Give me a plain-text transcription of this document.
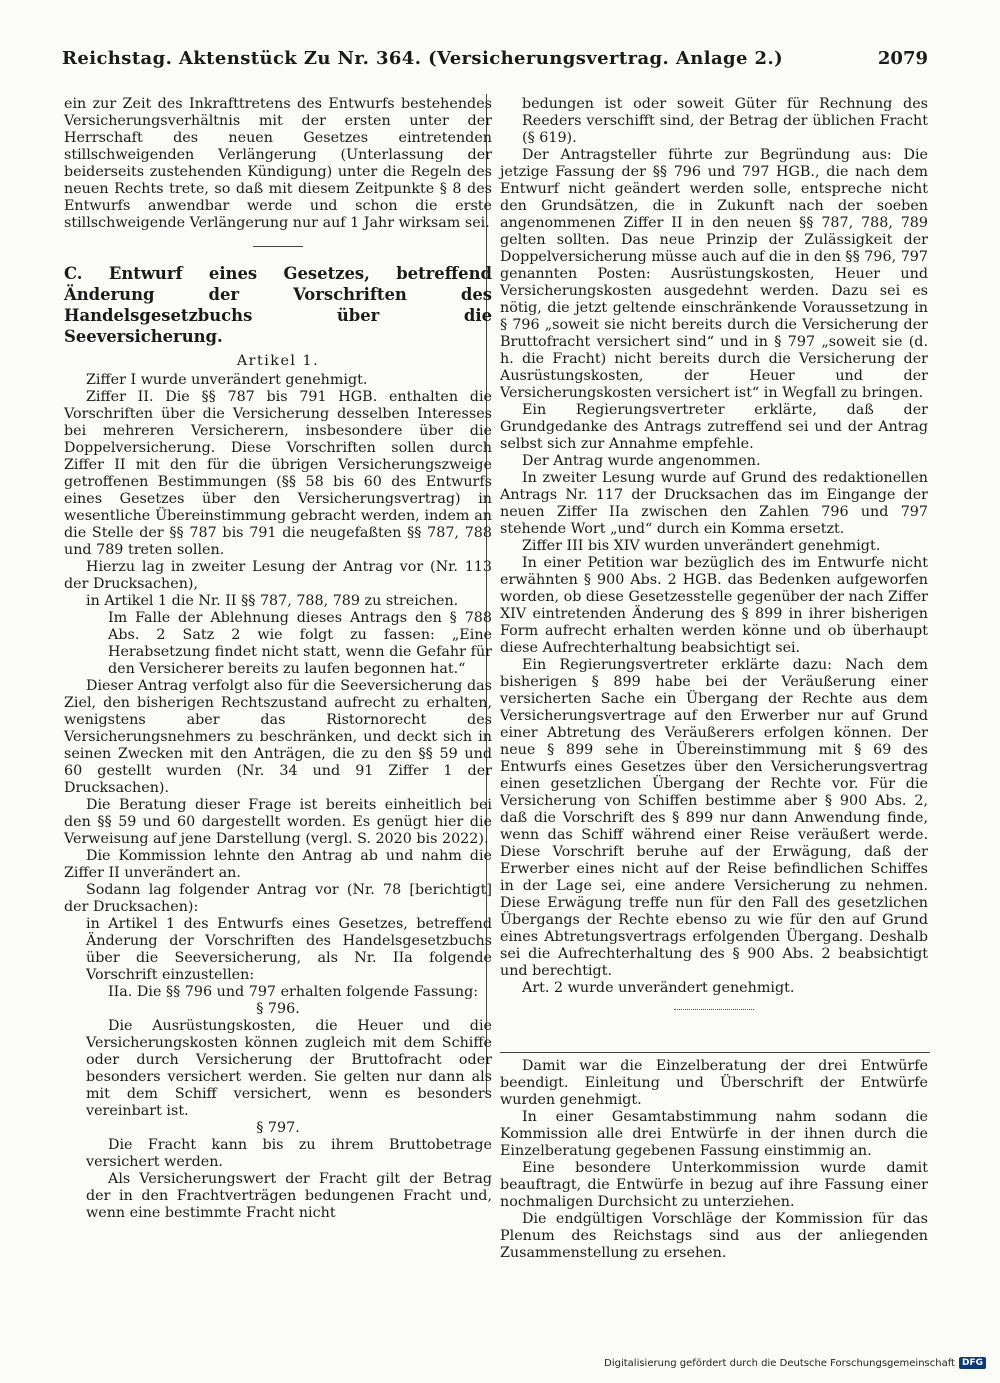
Reichstag. Aktenstück Zu Nr. 364. (Versicherungsvertrag. Anlage 2.)	2079

ein zur Zeit des Inkrafttretens des Entwurfs bestehendes Versicherungsverhältnis mit der ersten unter der Herrschaft des neuen Gesetzes eintretenden stillschweigenden Verlängerung (Unterlassung der beiderseits zustehenden Kündigung) unter die Regeln des neuen Rechts trete, so daß mit diesem Zeitpunkte § 8 des Entwurfs anwendbar werde und schon die erste stillschweigende Verlängerung nur auf 1 Jahr wirksam sei.

C. Entwurf eines Gesetzes, betreffend Änderung der Vorschriften des Handelsgesetzbuchs über die Seeversicherung.

Artikel 1.

Ziffer I wurde unverändert genehmigt.

Ziffer II. Die §§ 787 bis 791 HGB. enthalten die Vorschriften über die Versicherung desselben Interesses bei mehreren Versicherern, insbesondere über die Doppelversicherung. Diese Vorschriften sollen durch Ziffer II mit den für die übrigen Versicherungszweige getroffenen Bestimmungen (§§ 58 bis 60 des Entwurfs eines Gesetzes über den Versicherungsvertrag) in wesentliche Übereinstimmung gebracht werden, indem an die Stelle der §§ 787 bis 791 die neugefaßten §§ 787, 788 und 789 treten sollen.

Hierzu lag in zweiter Lesung der Antrag vor (Nr. 113 der Drucksachen),

in Artikel 1 die Nr. II §§ 787, 788, 789 zu streichen.

Im Falle der Ablehnung dieses Antrags den § 788 Abs. 2 Satz 2 wie folgt zu fassen: „Eine Herabsetzung findet nicht statt, wenn die Gefahr für den Versicherer bereits zu laufen begonnen hat.“

Dieser Antrag verfolgt also für die Seeversicherung das Ziel, den bisherigen Rechtszustand aufrecht zu erhalten, wenigstens aber das Ristornorecht des Versicherungsnehmers zu beschränken, und deckt sich in seinen Zwecken mit den Anträgen, die zu den §§ 59 und 60 gestellt wurden (Nr. 34 und 91 Ziffer 1 der Drucksachen).

Die Beratung dieser Frage ist bereits einheitlich bei den §§ 59 und 60 dargestellt worden. Es genügt hier die Verweisung auf jene Darstellung (vergl. S. 2020 bis 2022).

Die Kommission lehnte den Antrag ab und nahm die Ziffer II unverändert an.

Sodann lag folgender Antrag vor (Nr. 78 [berichtigt] der Drucksachen):

in Artikel 1 des Entwurfs eines Gesetzes, betreffend Änderung der Vorschriften des Handelsgesetzbuchs über die Seeversicherung, als Nr. IIa folgende Vorschrift einzustellen:

IIa. Die §§ 796 und 797 erhalten folgende Fassung:

§ 796.

Die Ausrüstungskosten, die Heuer und die Versicherungskosten können zugleich mit dem Schiffe oder durch Versicherung der Bruttofracht oder besonders versichert werden. Sie gelten nur dann als mit dem Schiff versichert, wenn es besonders vereinbart ist.

§ 797.

Die Fracht kann bis zu ihrem Bruttobetrage versichert werden.

Als Versicherungswert der Fracht gilt der Betrag der in den Frachtverträgen bedungenen Fracht und, wenn eine bestimmte Fracht nicht

bedungen ist oder soweit Güter für Rechnung des Reeders verschifft sind, der Betrag der üblichen Fracht (§ 619).

Der Antragsteller führte zur Begründung aus: Die jetzige Fassung der §§ 796 und 797 HGB., die nach dem Entwurf nicht geändert werden solle, entspreche nicht den Grundsätzen, die in Zukunft nach der soeben angenommenen Ziffer II in den neuen §§ 787, 788, 789 gelten sollten. Das neue Prinzip der Zulässigkeit der Doppelversicherung müsse auch auf die in den §§ 796, 797 genannten Posten: Ausrüstungskosten, Heuer und Versicherungskosten ausgedehnt werden. Dazu sei es nötig, die jetzt geltende einschränkende Voraussetzung in § 796 „soweit sie nicht bereits durch die Versicherung der Bruttofracht versichert sind“ und in § 797 „soweit sie (d. h. die Fracht) nicht bereits durch die Versicherung der Ausrüstungskosten, der Heuer und der Versicherungskosten versichert ist“ in Wegfall zu bringen.

Ein Regierungsvertreter erklärte, daß der Grundgedanke des Antrags zutreffend sei und der Antrag selbst sich zur Annahme empfehle.

Der Antrag wurde angenommen.

In zweiter Lesung wurde auf Grund des redaktionellen Antrags Nr. 117 der Drucksachen das im Eingange der neuen Ziffer IIa zwischen den Zahlen 796 und 797 stehende Wort „und“ durch ein Komma ersetzt.

Ziffer III bis XIV wurden unverändert genehmigt.

In einer Petition war bezüglich des im Entwurfe nicht erwähnten § 900 Abs. 2 HGB. das Bedenken aufgeworfen worden, ob diese Gesetzesstelle gegenüber der nach Ziffer XIV eintretenden Änderung des § 899 in ihrer bisherigen Form aufrecht erhalten werden könne und ob überhaupt diese Aufrechterhaltung beabsichtigt sei.

Ein Regierungsvertreter erklärte dazu: Nach dem bisherigen § 899 habe bei der Veräußerung einer versicherten Sache ein Übergang der Rechte aus dem Versicherungsvertrage auf den Erwerber nur auf Grund einer Abtretung des Veräußerers erfolgen können. Der neue § 899 sehe in Übereinstimmung mit § 69 des Entwurfs eines Gesetzes über den Versicherungsvertrag einen gesetzlichen Übergang der Rechte vor. Für die Versicherung von Schiffen bestimme aber § 900 Abs. 2, daß die Vorschrift des § 899 nur dann Anwendung finde, wenn das Schiff während einer Reise veräußert werde. Diese Vorschrift beruhe auf der Erwägung, daß der Erwerber eines nicht auf der Reise befindlichen Schiffes in der Lage sei, eine andere Versicherung zu nehmen. Diese Erwägung treffe nun für den Fall des gesetzlichen Übergangs der Rechte ebenso zu wie für den auf Grund eines Abtretungsvertrags erfolgenden Übergang. Deshalb sei die Aufrechterhaltung des § 900 Abs. 2 beabsichtigt und berechtigt.

Art. 2 wurde unverändert genehmigt.

Damit war die Einzelberatung der drei Entwürfe beendigt. Einleitung und Überschrift der Entwürfe wurden genehmigt.

In einer Gesamtabstimmung nahm sodann die Kommission alle drei Entwürfe in der ihnen durch die Einzelberatung gegebenen Fassung einstimmig an.

Eine besondere Unterkommission wurde damit beauftragt, die Entwürfe in bezug auf ihre Fassung einer nochmaligen Durchsicht zu unterziehen.

Die endgültigen Vorschläge der Kommission für das Plenum des Reichstags sind aus der anliegenden Zusammenstellung zu ersehen.

Digitalisierung gefördert durch die Deutsche Forschungsgemeinschaft DFG
